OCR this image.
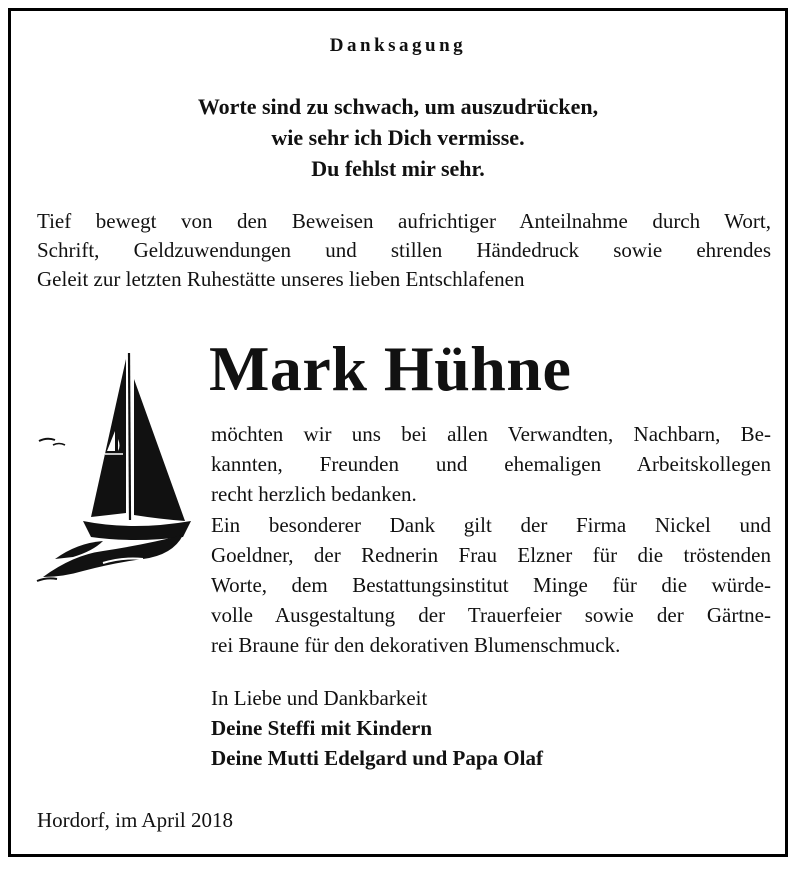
Danksagung
Worte sind zu schwach, um auszudrücken,
wie sehr ich Dich vermisse.
Du fehlst mir sehr.
Tief bewegt von den Beweisen aufrichtiger Anteilnahme durch Wort,
Schrift, Geldzuwendungen und stillen Händedruck sowie ehrendes
Geleit zur letzten Ruhestätte unseres lieben Entschlafenen
Mark Hühne
möchten wir uns bei allen Verwandten, Nachbarn, Be-
kannten, Freunden und ehemaligen Arbeitskollegen
recht herzlich bedanken.
Ein besonderer Dank gilt der Firma Nickel und
Goeldner, der Rednerin Frau Elzner für die tröstenden
Worte, dem Bestattungsinstitut Minge für die würde-
volle Ausgestaltung der Trauerfeier sowie der Gärtne-
rei Braune für den dekorativen Blumenschmuck.
In Liebe und Dankbarkeit
Deine Steffi mit Kindern
Deine Mutti Edelgard und Papa Olaf
Hordorf, im April 2018
